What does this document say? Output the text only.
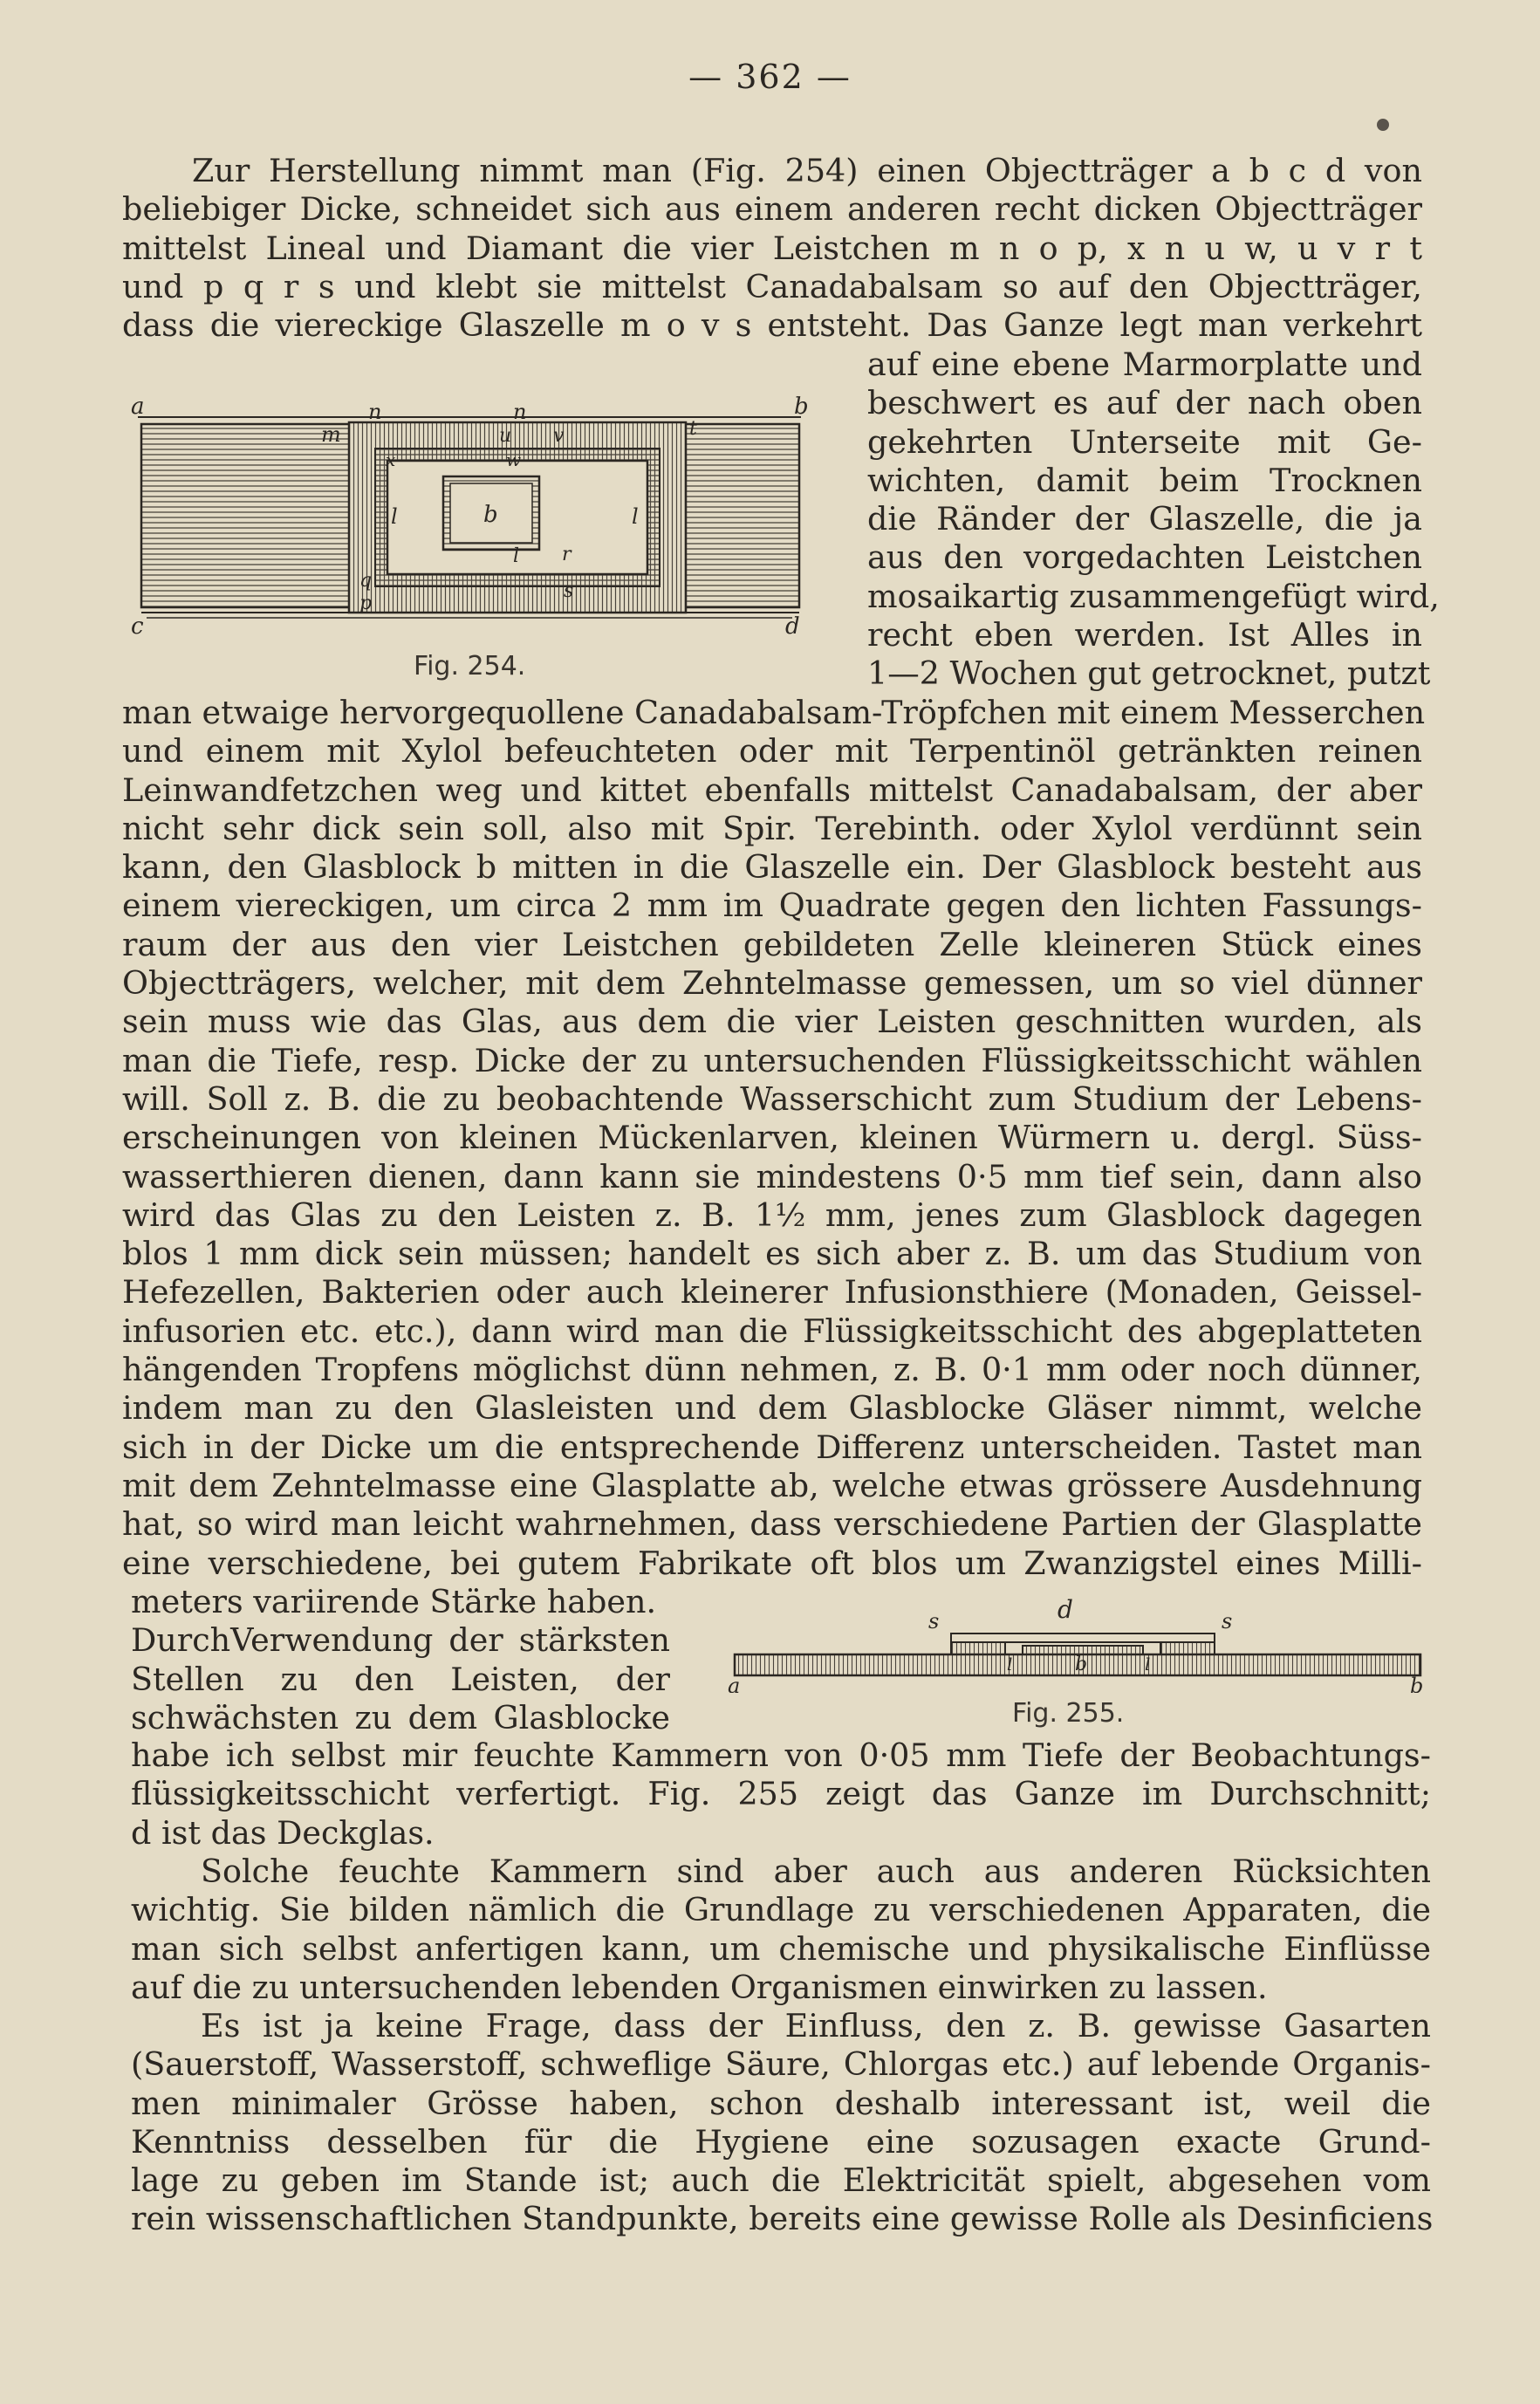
— 362 —
Zur Herstellung nimmt man (Fig. 254) einen Objectträger a b c d von
beliebiger Dicke, schneidet sich aus einem anderen recht dicken Objectträger
mittelst Lineal und Diamant die vier Leistchen m n o p, x n u w, u v r t
und p q r s und klebt sie mittelst Canadabalsam so auf den Objectträger,
dass die viereckige Glaszelle m o v s entsteht. Das Ganze legt man verkehrt
auf eine ebene Marmorplatte und
beschwert es auf der nach oben
gekehrten Unterseite mit Ge-
wichten, damit beim Trocknen
die Ränder der Glaszelle, die ja
aus den vorgedachten Leistchen
mosaikartig zusammengefügt wird,
recht eben werden. Ist Alles in
1—2 Wochen gut getrocknet, putzt
a	b
c	d
m
n	n
u v
x	w
l	b	l
l
q
r
s
p
t
Fig. 254.
man etwaige hervorgequollene Canadabalsam-Tröpfchen mit einem Messerchen
und einem mit Xylol befeuchteten oder mit Terpentinöl getränkten reinen
Leinwandfetzchen weg und kittet ebenfalls mittelst Canadabalsam, der aber
nicht sehr dick sein soll, also mit Spir. Terebinth. oder Xylol verdünnt sein
kann, den Glasblock b mitten in die Glaszelle ein. Der Glasblock besteht aus
einem viereckigen, um circa 2 mm im Quadrate gegen den lichten Fassungs-
raum der aus den vier Leistchen gebildeten Zelle kleineren Stück eines
Objectträgers, welcher, mit dem Zehntelmasse gemessen, um so viel dünner
sein muss wie das Glas, aus dem die vier Leisten geschnitten wurden, als
man die Tiefe, resp. Dicke der zu untersuchenden Flüssigkeitsschicht wählen
will. Soll z. B. die zu beobachtende Wasserschicht zum Studium der Lebens-
erscheinungen von kleinen Mückenlarven, kleinen Würmern u. dergl. Süss-
wasserthieren dienen, dann kann sie mindestens 0·5 mm tief sein, dann also
wird das Glas zu den Leisten z. B. 1½ mm, jenes zum Glasblock dagegen
blos 1 mm dick sein müssen; handelt es sich aber z. B. um das Studium von
Hefezellen, Bakterien oder auch kleinerer Infusionsthiere (Monaden, Geissel-
infusorien etc. etc.), dann wird man die Flüssigkeitsschicht des abgeplatteten
hängenden Tropfens möglichst dünn nehmen, z. B. 0·1 mm oder noch dünner,
indem man zu den Glasleisten und dem Glasblocke Gläser nimmt, welche
sich in der Dicke um die entsprechende Differenz unterscheiden. Tastet man
mit dem Zehntelmasse eine Glasplatte ab, welche etwas grössere Ausdehnung
hat, so wird man leicht wahrnehmen, dass verschiedene Partien der Glasplatte
eine verschiedene, bei gutem Fabrikate oft blos um Zwanzigstel eines Milli-
meters variirende Stärke haben.
DurchVerwendung der stärksten
Stellen zu den Leisten, der
schwächsten zu dem Glasblocke
s	d	s
l	b	l
a	b
Fig. 255.
habe ich selbst mir feuchte Kammern von 0·05 mm Tiefe der Beobachtungs-
flüssigkeitsschicht verfertigt. Fig. 255 zeigt das Ganze im Durchschnitt;
d ist das Deckglas.
Solche feuchte Kammern sind aber auch aus anderen Rücksichten
wichtig. Sie bilden nämlich die Grundlage zu verschiedenen Apparaten, die
man sich selbst anfertigen kann, um chemische und physikalische Einflüsse
auf die zu untersuchenden lebenden Organismen einwirken zu lassen.
Es ist ja keine Frage, dass der Einfluss, den z. B. gewisse Gasarten
(Sauerstoff, Wasserstoff, schweflige Säure, Chlorgas etc.) auf lebende Organis-
men minimaler Grösse haben, schon deshalb interessant ist, weil die
Kenntniss desselben für die Hygiene eine sozusagen exacte Grund-
lage zu geben im Stande ist; auch die Elektricität spielt, abgesehen vom
rein wissenschaftlichen Standpunkte, bereits eine gewisse Rolle als Desinficiens
